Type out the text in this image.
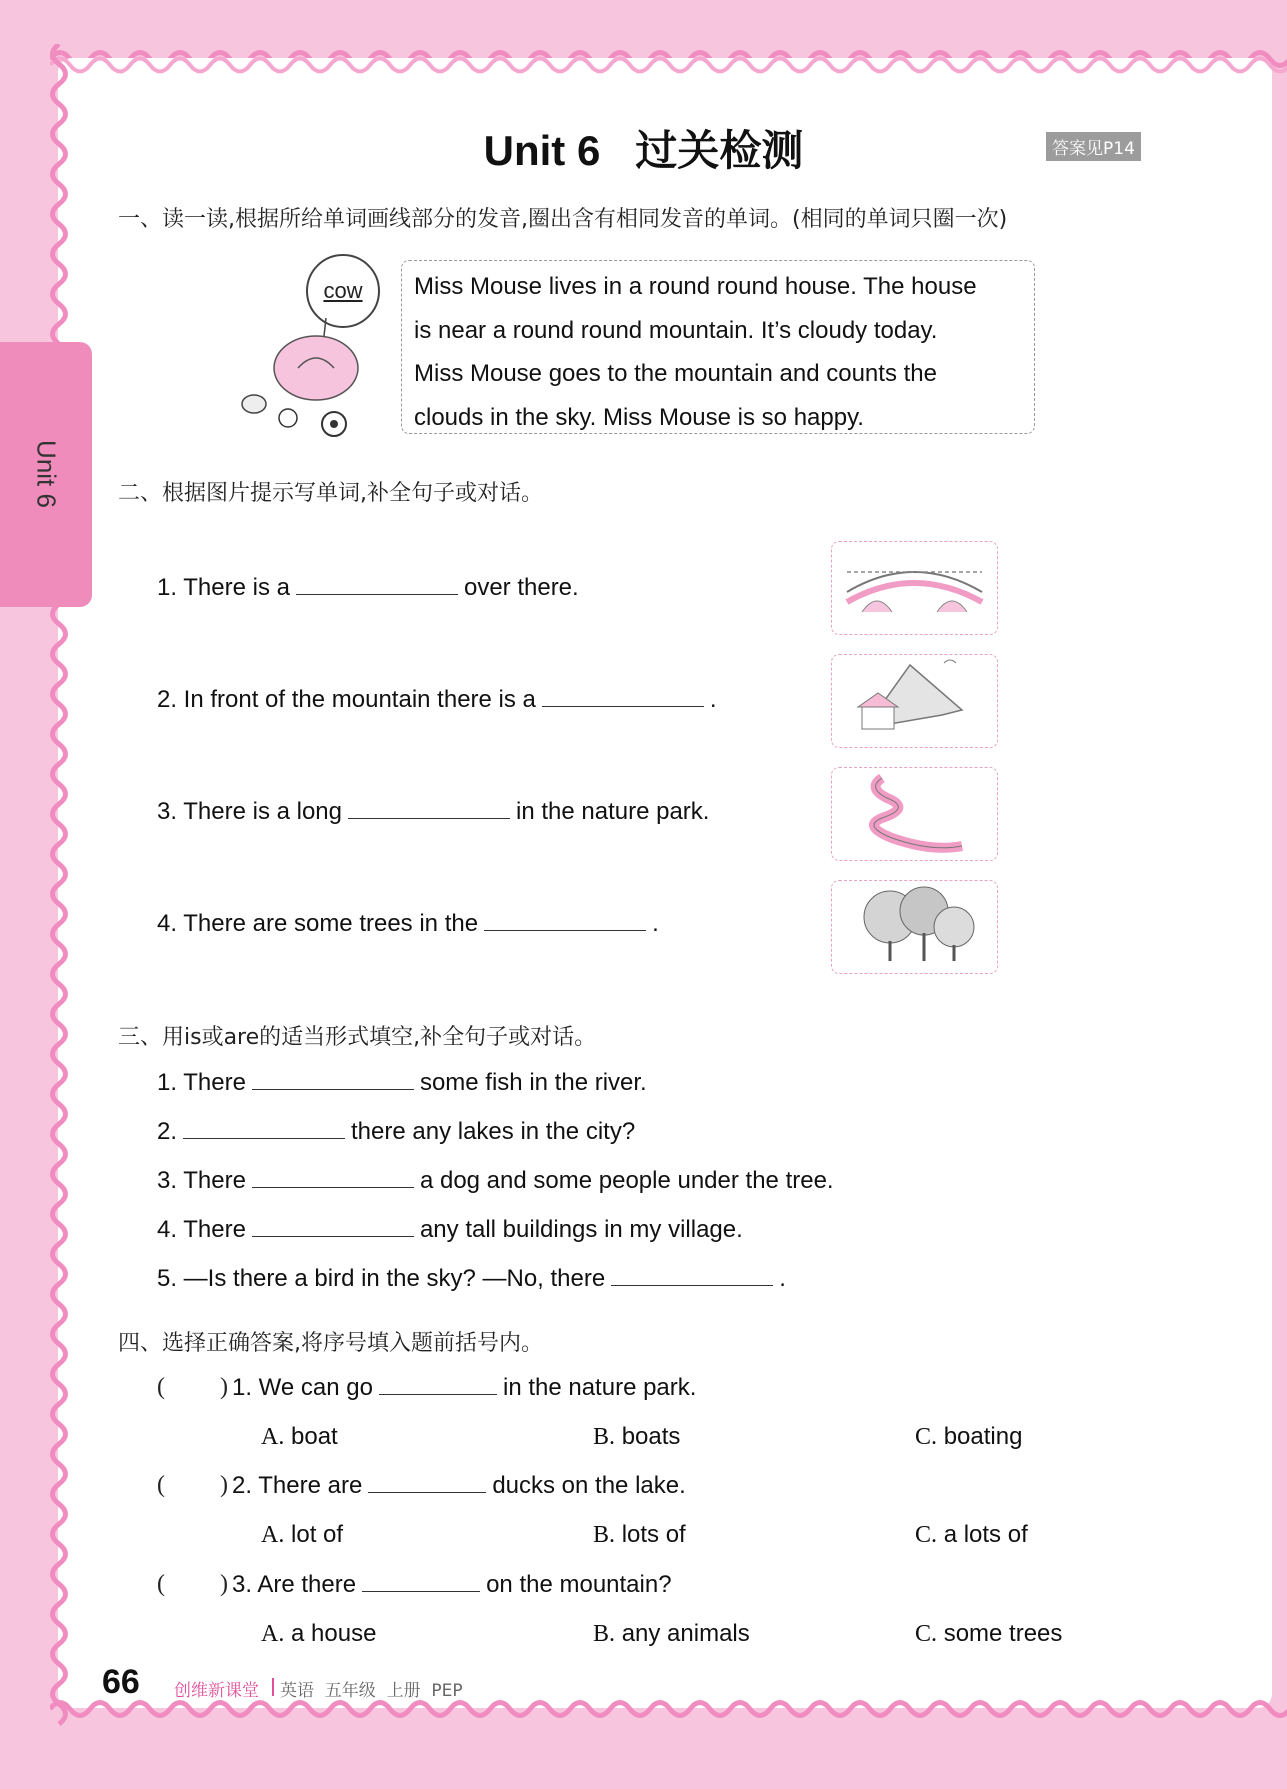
Unit 6
Unit 6   过关检测	答案见P14
一、读一读,根据所给单词画线部分的发音,圈出含有相同发音的单词。(相同的单词只圈一次)
cow Miss Mouse lives in a round round house. The house
is near a round round mountain. It’s cloudy today.
Miss Mouse goes to the mountain and counts the
clouds in the sky. Miss Mouse is so happy.
二、根据图片提示写单词,补全句子或对话。
1. There is a	over there.
2. In front of the mountain there is a	.
3. There is a long	in the nature park.
4. There are some trees in the	.
三、用is或are的适当形式填空,补全句子或对话。
1. There	some fish in the river.
2.	there any lakes in the city?
3. There	a dog and some people under the tree.
4. There	any tall buildings in my village.
5. —Is there a bird in the sky? —No, there	.
四、选择正确答案,将序号填入题前括号内。
( ) 1. We can go	in the nature park.
A. boat	B. boats	C. boating
( ) 2. There are	ducks on the lake.
A. lot of	B. lots of	C. a lots of
( ) 3. Are there	on the mountain?
A. a house	B. any animals	C. some trees
66 创维新课堂 英语  五年级  上册  PEP
